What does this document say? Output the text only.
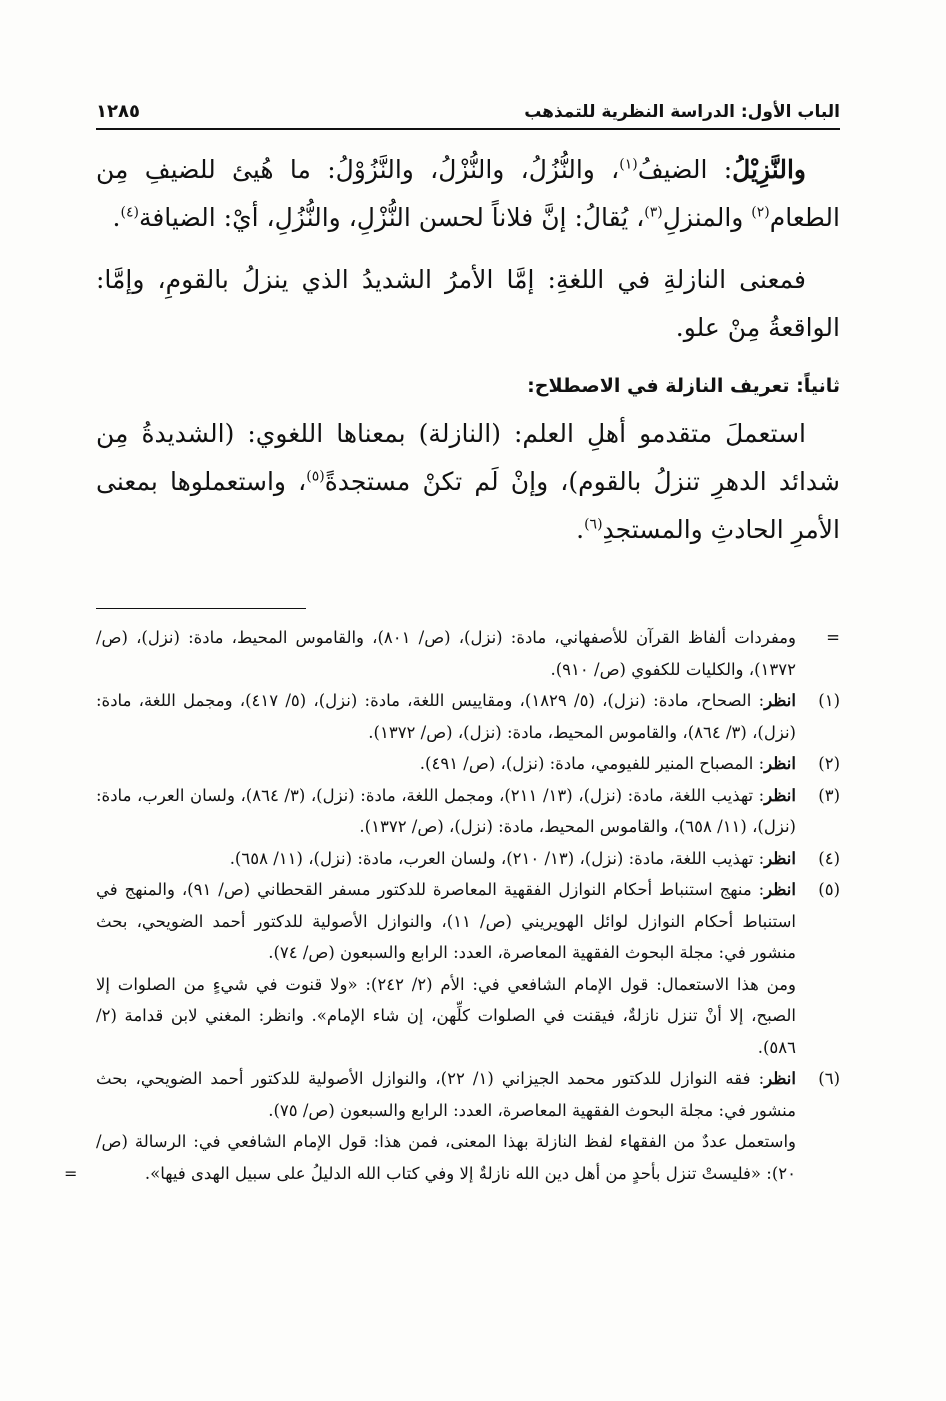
الباب الأول: الدراسة النظرية للتمذهب
١٢٨٥

والنَّزِيْلُ: الضيفُ$^{(١)}$، والنُّزُلُ، والنُّزْلُ، والنَّزُوْلُ: ما هُيئ للضيفِ مِن الطعام$^{(٢)}$ والمنزلِ$^{(٣)}$، يُقالُ: إنَّ فلاناً لحسن النُّزْلِ، والنُّزُلِ، أيْ: الضيافة$^{(٤)}$.

فمعنى النازلةِ في اللغةِ: إمَّا الأمرُ الشديدُ الذي ينزلُ بالقومِ، وإمَّا: الواقعةُ مِنْ علو.

ثانياً: تعريف النازلة في الاصطلاح:

استعملَ متقدمو أهلِ العلم: (النازلة) بمعناها اللغوي: (الشديدةُ مِن شدائد الدهرِ تنزلُ بالقوم)، وإنْ لَم تكنْ مستجدةً$^{(٥)}$، واستعملوها بمعنى الأمرِ الحادثِ والمستجدِ$^{(٦)}$.

=
ومفردات ألفاظ القرآن للأصفهاني، مادة: (نزل)، (ص/ ٨٠١)، والقاموس المحيط، مادة: (نزل)، (ص/ ١٣٧٢)، والكليات للكفوي (ص/ ٩١٠).
(١)
انظر: الصحاح، مادة: (نزل)، (٥/ ١٨٢٩)، ومقاييس اللغة، مادة: (نزل)، (٥/ ٤١٧)، ومجمل اللغة، مادة: (نزل)، (٣/ ٨٦٤)، والقاموس المحيط، مادة: (نزل)، (ص/ ١٣٧٢).
(٢)
انظر: المصباح المنير للفيومي، مادة: (نزل)، (ص/ ٤٩١).
(٣)
انظر: تهذيب اللغة، مادة: (نزل)، (١٣/ ٢١١)، ومجمل اللغة، مادة: (نزل)، (٣/ ٨٦٤)، ولسان العرب، مادة: (نزل)، (١١/ ٦٥٨)، والقاموس المحيط، مادة: (نزل)، (ص/ ١٣٧٢).
(٤)
انظر: تهذيب اللغة، مادة: (نزل)، (١٣/ ٢١٠)، ولسان العرب، مادة: (نزل)، (١١/ ٦٥٨).
(٥)
انظر: منهج استنباط أحكام النوازل الفقهية المعاصرة للدكتور مسفر القحطاني (ص/ ٩١)، والمنهج في استنباط أحكام النوازل لوائل الهويريني (ص/ ١١)، والنوازل الأصولية للدكتور أحمد الضويحي، بحث منشور في: مجلة البحوث الفقهية المعاصرة، العدد: الرابع والسبعون (ص/ ٧٤).
ومن هذا الاستعمال: قول الإمام الشافعي في: الأم (٢/ ٢٤٢): «ولا قنوت في شيءٍ من الصلوات إلا الصبح، إلا أنْ تنزل نازلةٌ، فيقنت في الصلوات كلِّهن، إن شاء الإمام». وانظر: المغني لابن قدامة (٢/ ٥٨٦).
(٦)
انظر: فقه النوازل للدكتور محمد الجيزاني (١/ ٢٢)، والنوازل الأصولية للدكتور أحمد الضويحي، بحث منشور في: مجلة البحوث الفقهية المعاصرة، العدد: الرابع والسبعون (ص/ ٧٥).
واستعمل عددٌ من الفقهاء لفظ النازلة بهذا المعنى، فمن هذا: قول الإمام الشافعي في: الرسالة (ص/ ٢٠): «فليستْ تنزل بأحدٍ من أهل دين الله نازلةٌ إلا وفي كتاب الله الدليلُ على سبيل الهدى فيها».
=
